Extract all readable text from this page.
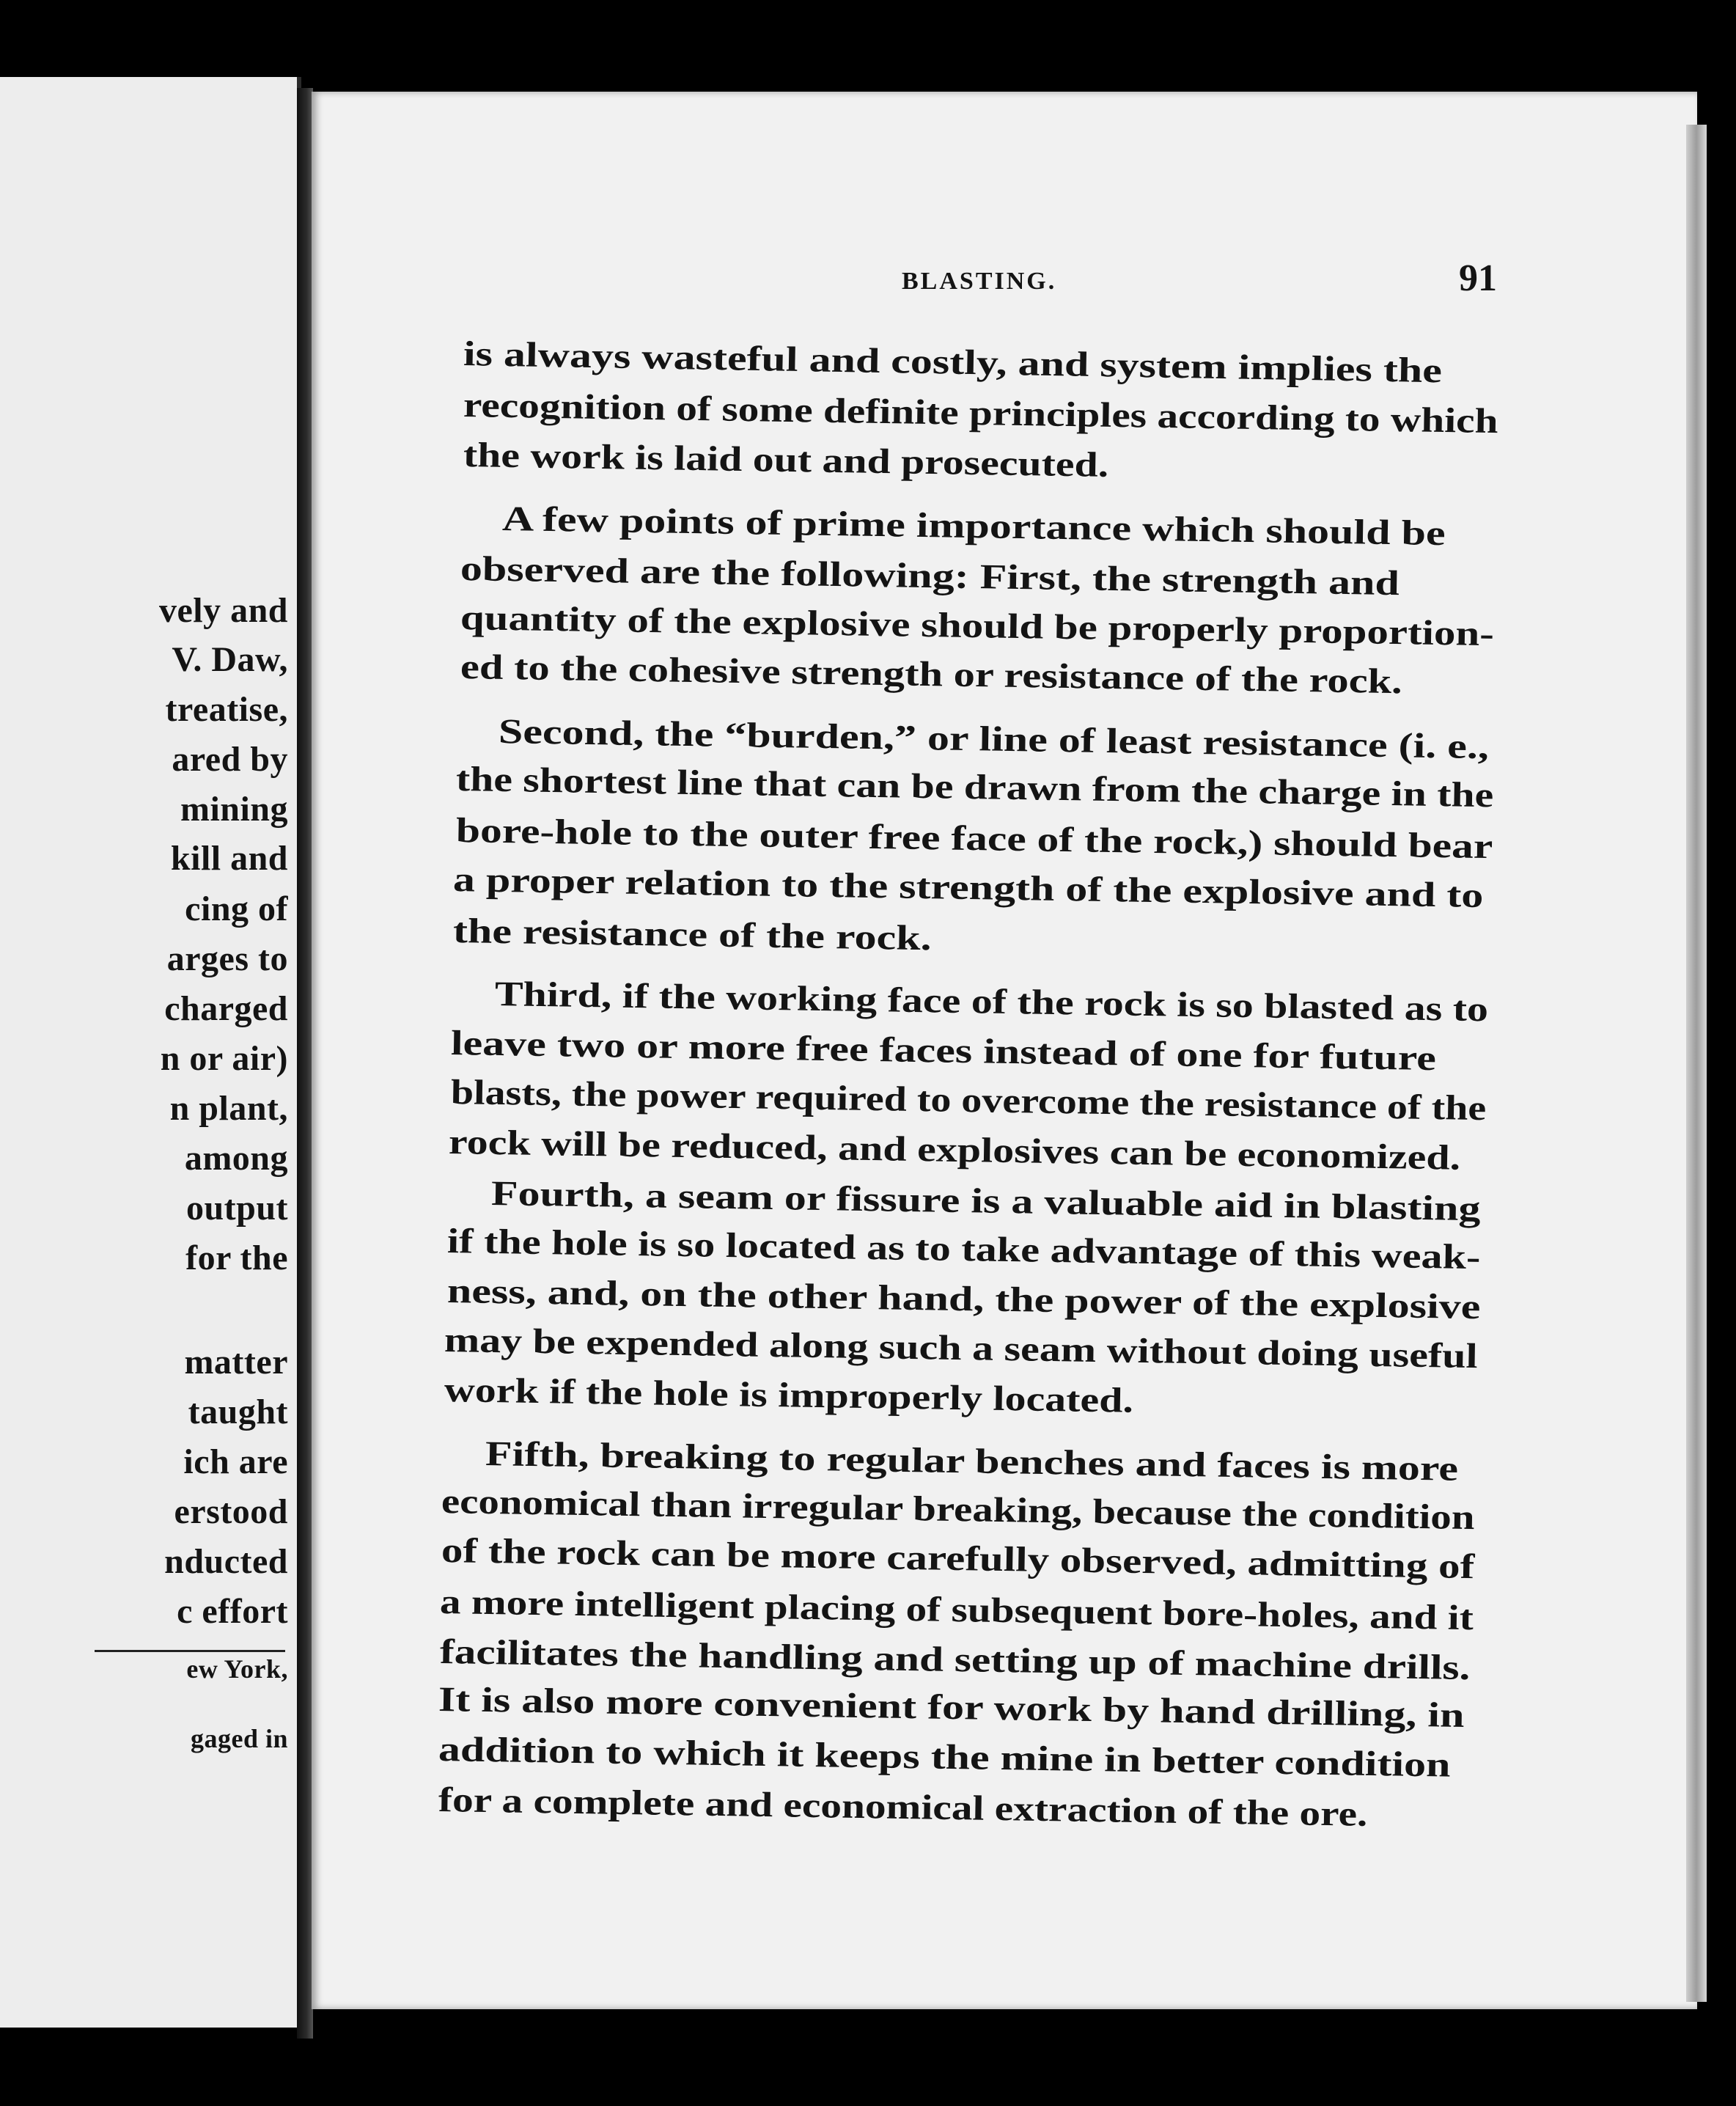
vely and
V. Daw,
treatise,
ared by
mining
kill and
cing of
arges to
charged
n or air)
n plant,
among
output
for the
matter
taught
ich are
erstood
nducted
c effort
ew York,
gaged in
BLASTING.	91
is always wasteful and costly, and system implies the
recognition of some definite principles according to which
the work is laid out and prosecuted.
A few points of prime importance which should be
observed are the following: First, the strength and
quantity of the explosive should be properly proportion-
ed to the cohesive strength or resistance of the rock.
Second, the “burden,” or line of least resistance (i. e.,
the shortest line that can be drawn from the charge in the
bore-hole to the outer free face of the rock,) should bear
a proper relation to the strength of the explosive and to
the resistance of the rock.
Third, if the working face of the rock is so blasted as to
leave two or more free faces instead of one for future
blasts, the power required to overcome the resistance of the
rock will be reduced, and explosives can be economized.
Fourth, a seam or fissure is a valuable aid in blasting
if the hole is so located as to take advantage of this weak-
ness, and, on the other hand, the power of the explosive
may be expended along such a seam without doing useful
work if the hole is improperly located.
Fifth, breaking to regular benches and faces is more
economical than irregular breaking, because the condition
of the rock can be more carefully observed, admitting of
a more intelligent placing of subsequent bore-holes, and it
facilitates the handling and setting up of machine drills.
It is also more convenient for work by hand drilling, in
addition to which it keeps the mine in better condition
for a complete and economical extraction of the ore.
